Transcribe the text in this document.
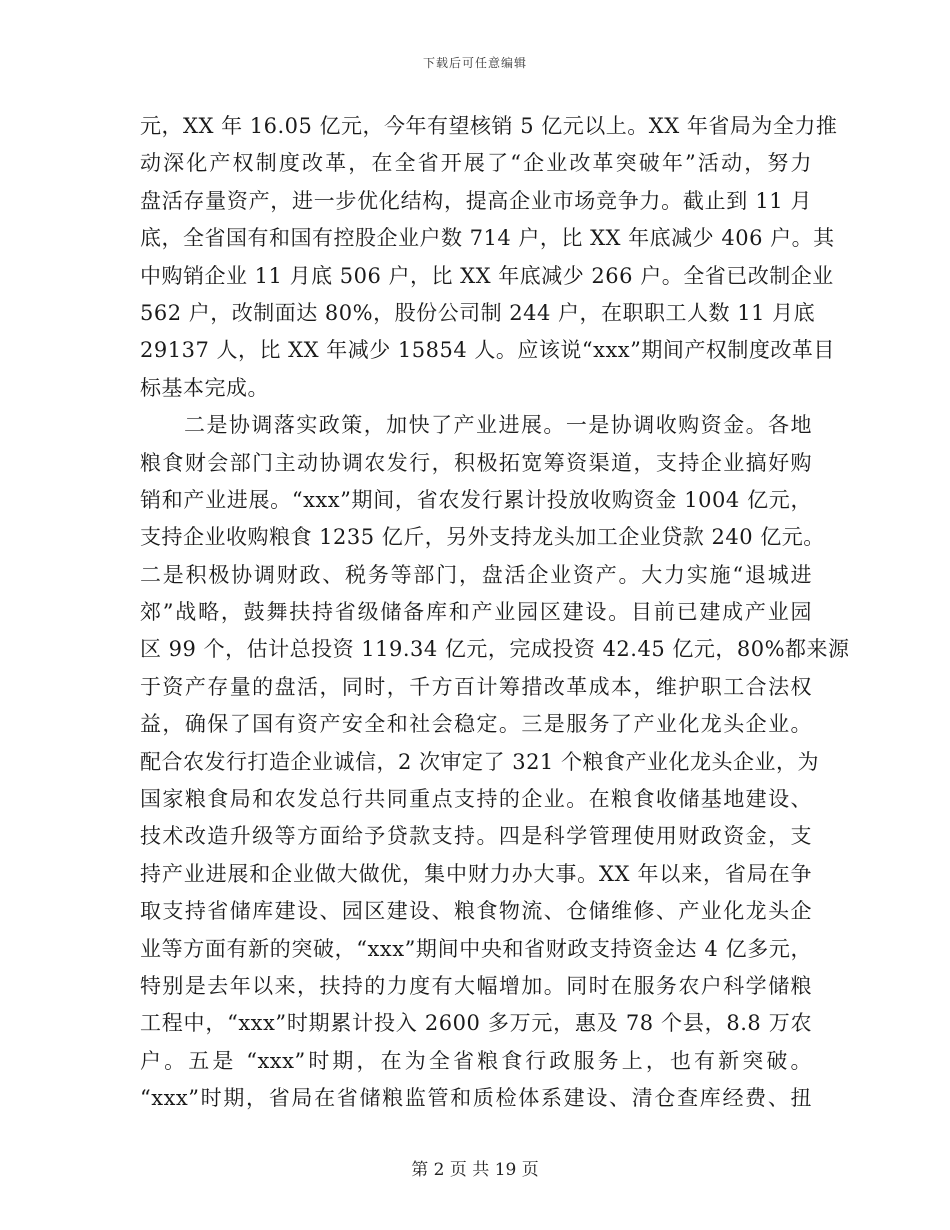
下载后可任意编辑
元，XX 年 16.05 亿元，今年有望核销 5 亿元以上。XX 年省局为全力推
动深化产权制度改革，在全省开展了“企业改革突破年”活动，努力
盘活存量资产，进一步优化结构，提高企业市场竞争力。截止到 11 月
底，全省国有和国有控股企业户数 714 户，比 XX 年底减少 406 户。其
中购销企业 11 月底 506 户，比 XX 年底减少 266 户。全省已改制企业
562 户，改制面达 80%，股份公司制 244 户，在职职工人数 11 月底
29137 人，比 XX 年减少 15854 人。应该说“xxx”期间产权制度改革目
标基本完成。
二是协调落实政策，加快了产业进展。一是协调收购资金。各地
粮食财会部门主动协调农发行，积极拓宽筹资渠道，支持企业搞好购
销和产业进展。“xxx”期间，省农发行累计投放收购资金 1004 亿元，
支持企业收购粮食 1235 亿斤，另外支持龙头加工企业贷款 240 亿元。
二是积极协调财政、税务等部门，盘活企业资产。大力实施“退城进
郊”战略，鼓舞扶持省级储备库和产业园区建设。目前已建成产业园
区 99 个，估计总投资 119.34 亿元，完成投资 42.45 亿元，80%都来源
于资产存量的盘活，同时，千方百计筹措改革成本，维护职工合法权
益，确保了国有资产安全和社会稳定。三是服务了产业化龙头企业。
配合农发行打造企业诚信，2 次审定了 321 个粮食产业化龙头企业，为
国家粮食局和农发总行共同重点支持的企业。在粮食收储基地建设、
技术改造升级等方面给予贷款支持。四是科学管理使用财政资金，支
持产业进展和企业做大做优，集中财力办大事。XX 年以来，省局在争
取支持省储库建设、园区建设、粮食物流、仓储维修、产业化龙头企
业等方面有新的突破，“xxx”期间中央和省财政支持资金达 4 亿多元，
特别是去年以来，扶持的力度有大幅增加。同时在服务农户科学储粮
工程中，“xxx”时期累计投入 2600 多万元，惠及 78 个县，8.8 万农
户。五是 “xxx”时期，在为全省粮食行政服务上，也有新突破。
“xxx”时期，省局在省储粮监管和质检体系建设、清仓查库经费、扭
第 2 页 共 19 页
